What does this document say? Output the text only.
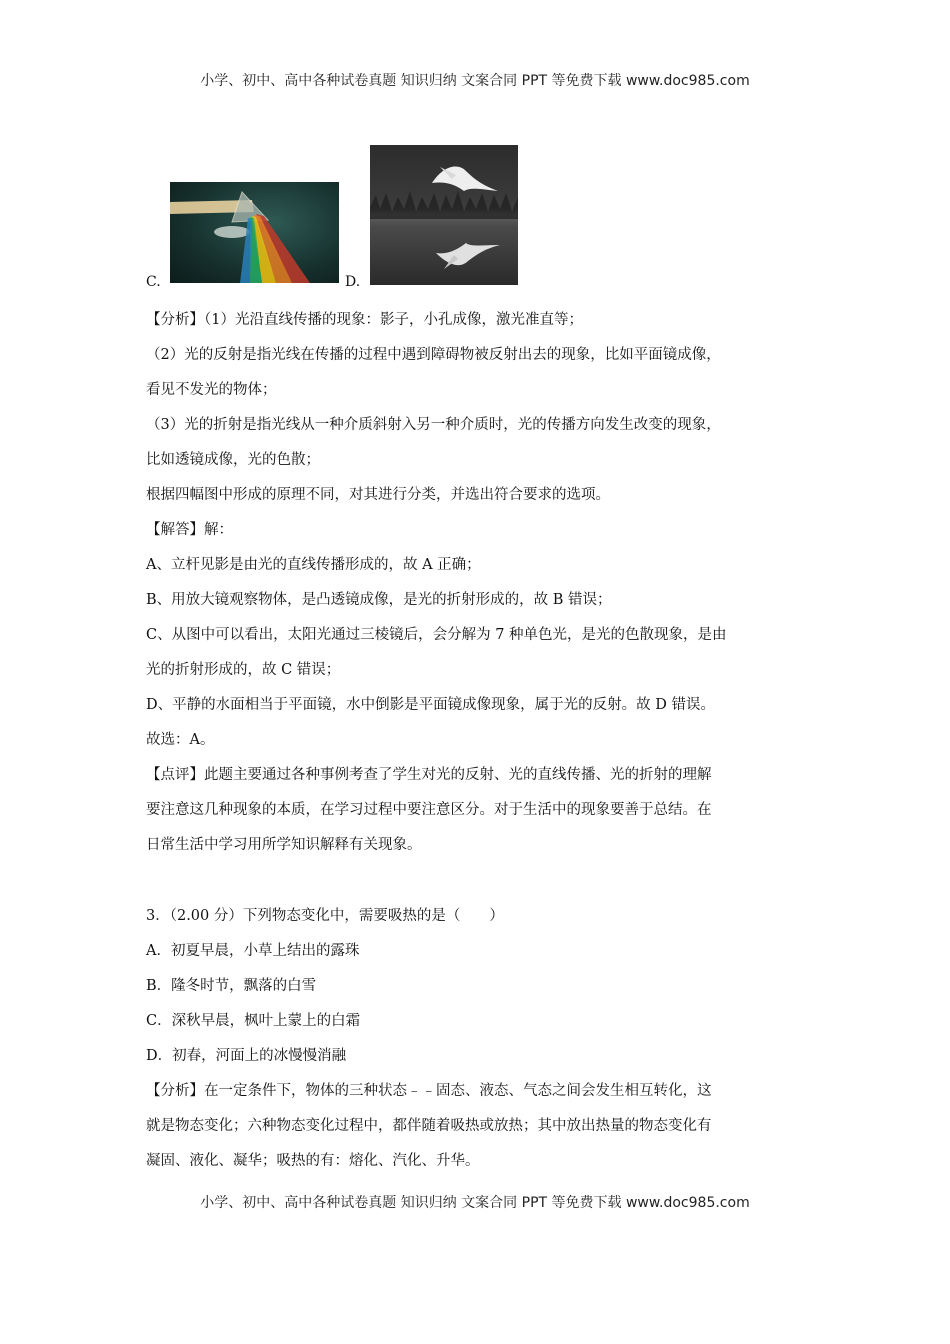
小学、初中、高中各种试卷真题 知识归纳 文案合同 PPT 等免费下载 www.doc985.com
C.	D.

【分析】（1）光沿直线传播的现象：影子，小孔成像，激光准直等；

（2）光的反射是指光线在传播的过程中遇到障碍物被反射出去的现象，比如平面镜成像，

看见不发光的物体；

（3）光的折射是指光线从一种介质斜射入另一种介质时，光的传播方向发生改变的现象，

比如透镜成像，光的色散；

根据四幅图中形成的原理不同，对其进行分类，并选出符合要求的选项。

【解答】解：

A、立杆见影是由光的直线传播形成的，故 A 正确；

B、用放大镜观察物体，是凸透镜成像，是光的折射形成的，故 B 错误；

C、从图中可以看出，太阳光通过三棱镜后，会分解为 7 种单色光，是光的色散现象，是由

光的折射形成的，故 C 错误；

D、平静的水面相当于平面镜，水中倒影是平面镜成像现象，属于光的反射。故 D 错误。

故选：A。

【点评】此题主要通过各种事例考查了学生对光的反射、光的直线传播、光的折射的理解

要注意这几种现象的本质，在学习过程中要注意区分。对于生活中的现象要善于总结。在

日常生活中学习用所学知识解释有关现象。

3．（2.00 分）下列物态变化中，需要吸热的是（　　）

A．初夏早晨，小草上结出的露珠

B．隆冬时节，飘落的白雪

C．深秋早晨，枫叶上蒙上的白霜

D．初春，河面上的冰慢慢消融

【分析】在一定条件下，物体的三种状态﹣﹣固态、液态、气态之间会发生相互转化，这

就是物态变化；六种物态变化过程中，都伴随着吸热或放热；其中放出热量的物态变化有

凝固、液化、凝华；吸热的有：熔化、汽化、升华。

小学、初中、高中各种试卷真题 知识归纳 文案合同 PPT 等免费下载 www.doc985.com
